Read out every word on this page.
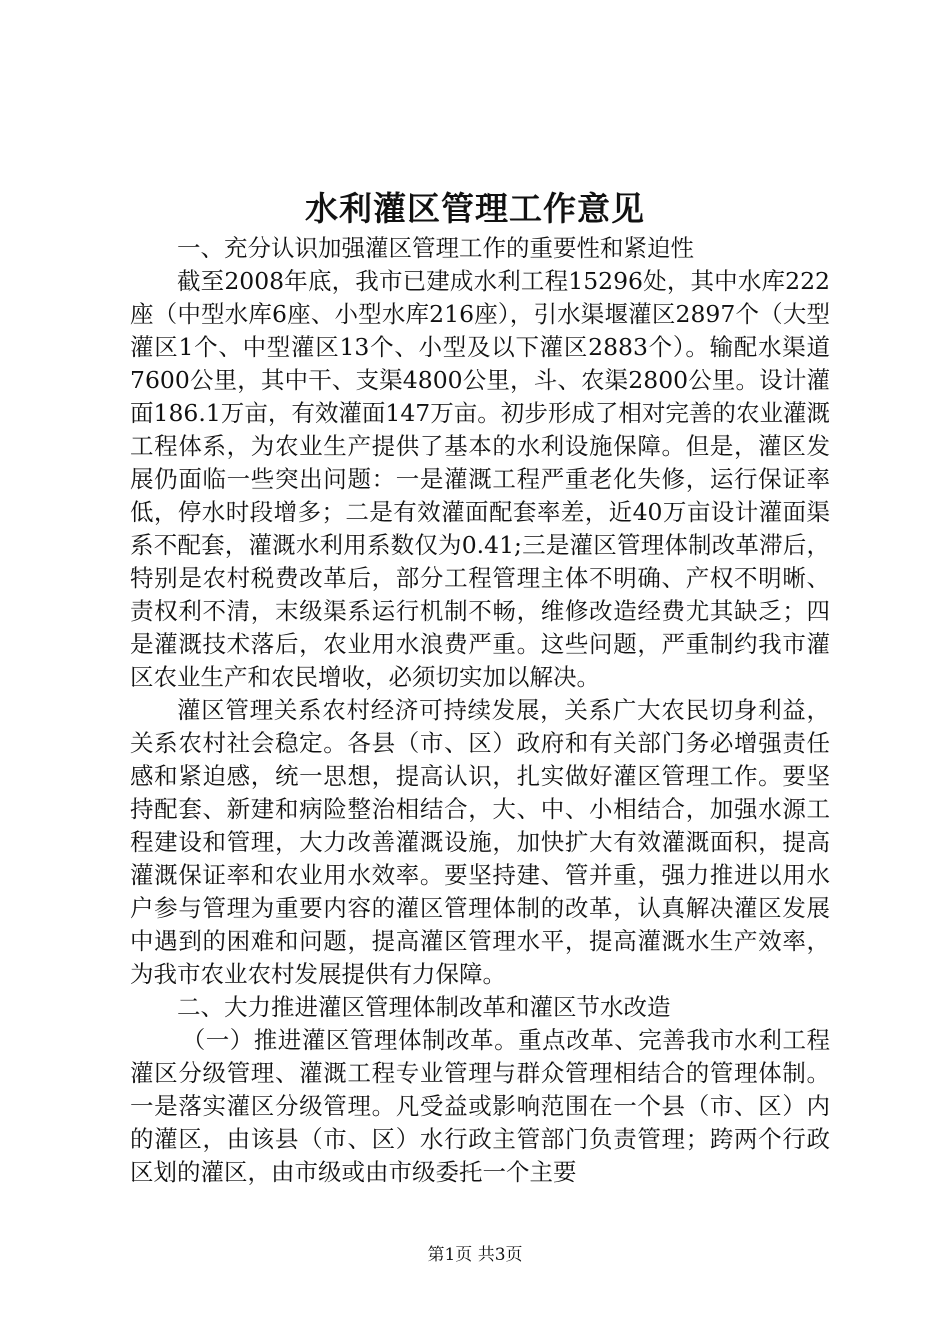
水利灌区管理工作意见

一、充分认识加强灌区管理工作的重要性和紧迫性

截至2008年底，我市已建成水利工程15296处，其中水库222座（中型水库6座、小型水库216座），引水渠堰灌区2897个（大型灌区1个、中型灌区13个、小型及以下灌区2883个）。输配水渠道7600公里，其中干、支渠4800公里，斗、农渠2800公里。设计灌面186.1万亩，有效灌面147万亩。初步形成了相对完善的农业灌溉工程体系，为农业生产提供了基本的水利设施保障。但是，灌区发展仍面临一些突出问题：一是灌溉工程严重老化失修，运行保证率低，停水时段增多；二是有效灌面配套率差，近40万亩设计灌面渠系不配套，灌溉水利用系数仅为0.41;三是灌区管理体制改革滞后，特别是农村税费改革后，部分工程管理主体不明确、产权不明晰、责权利不清，末级渠系运行机制不畅，维修改造经费尤其缺乏；四是灌溉技术落后，农业用水浪费严重。这些问题，严重制约我市灌区农业生产和农民增收，必须切实加以解决。

灌区管理关系农村经济可持续发展，关系广大农民切身利益，关系农村社会稳定。各县（市、区）政府和有关部门务必增强责任感和紧迫感，统一思想，提高认识，扎实做好灌区管理工作。要坚持配套、新建和病险整治相结合，大、中、小相结合，加强水源工程建设和管理，大力改善灌溉设施，加快扩大有效灌溉面积，提高灌溉保证率和农业用水效率。要坚持建、管并重，强力推进以用水户参与管理为重要内容的灌区管理体制的改革，认真解决灌区发展中遇到的困难和问题，提高灌区管理水平，提高灌溉水生产效率，为我市农业农村发展提供有力保障。

二、大力推进灌区管理体制改革和灌区节水改造

（一）推进灌区管理体制改革。重点改革、完善我市水利工程灌区分级管理、灌溉工程专业管理与群众管理相结合的管理体制。一是落实灌区分级管理。凡受益或影响范围在一个县（市、区）内的灌区，由该县（市、区）水行政主管部门负责管理；跨两个行政区划的灌区，由市级或由市级委托一个主要

第1页 共3页
